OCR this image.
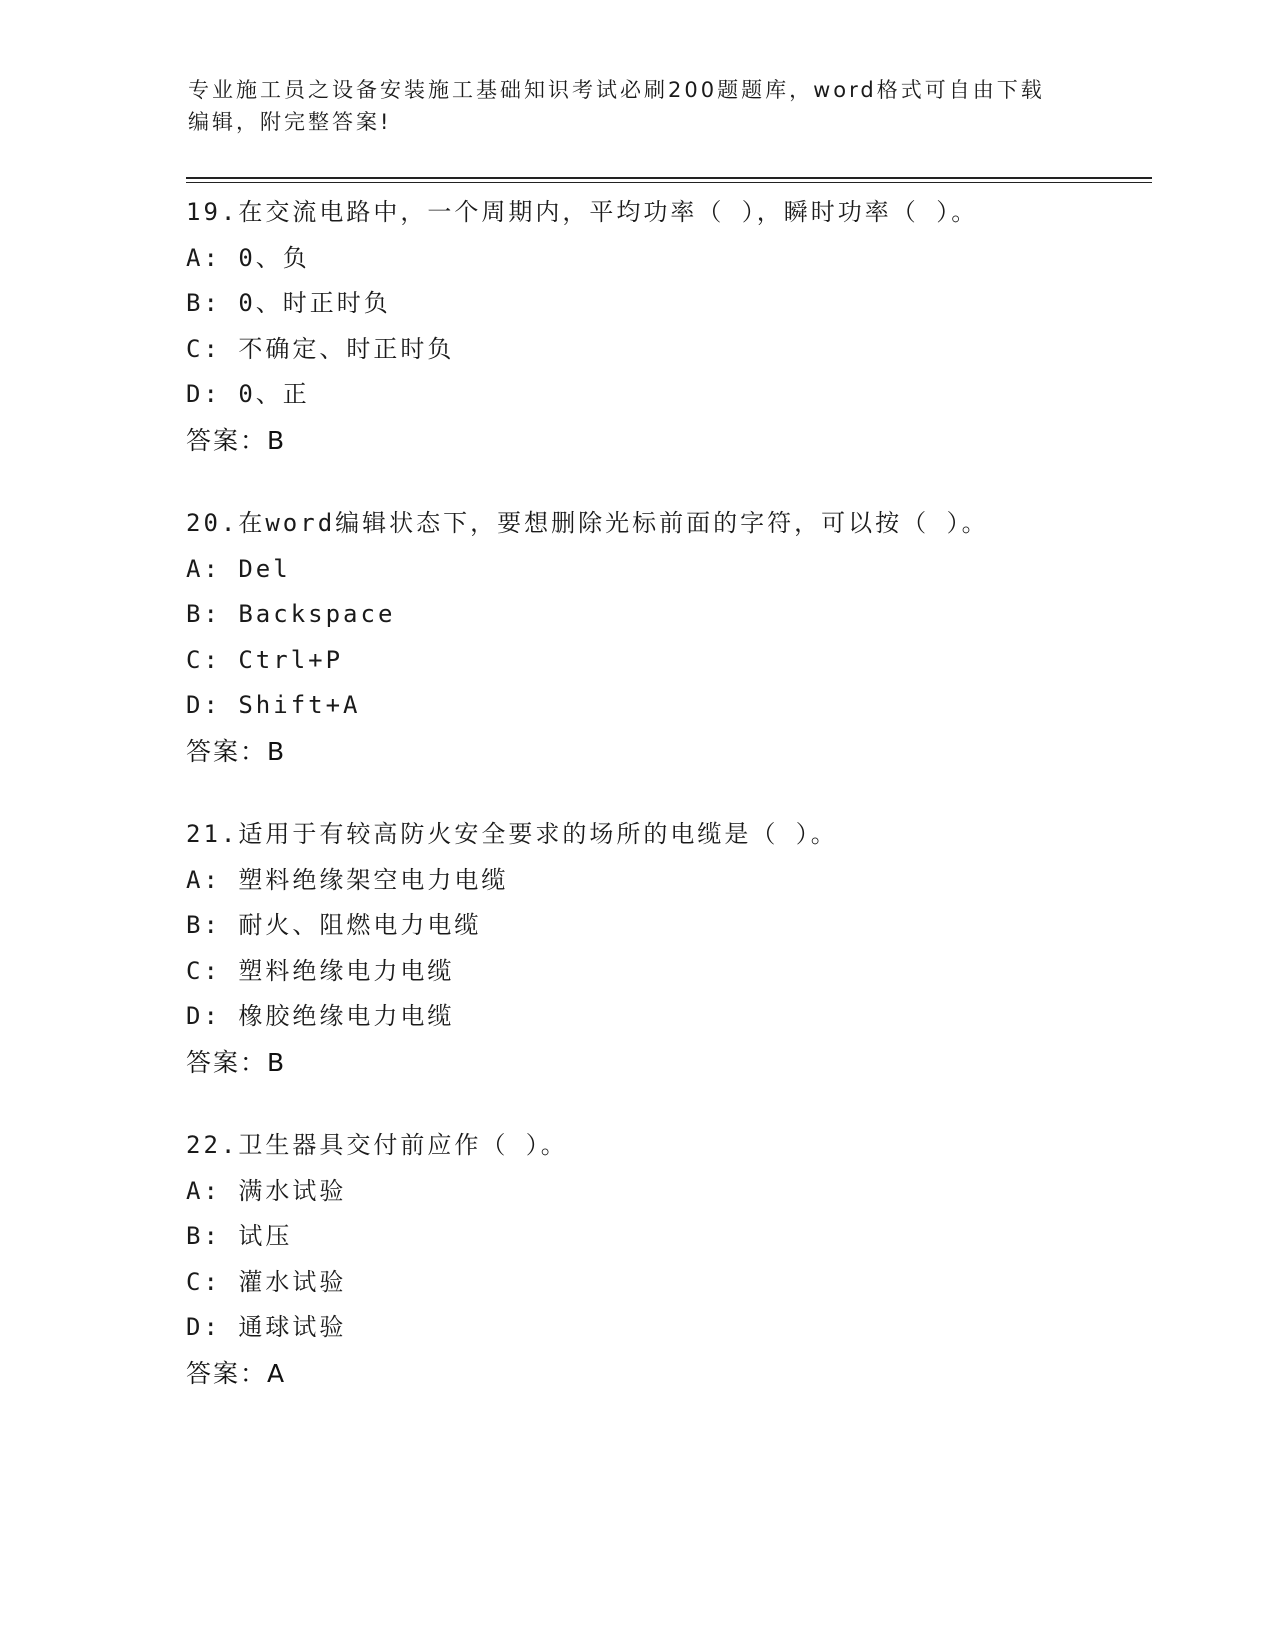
专业施工员之设备安装施工基础知识考试必刷200题题库，word格式可自由下载
编辑，附完整答案!
19.在交流电路中，一个周期内，平均功率（ ），瞬时功率（ ）。
A: 0、负
B: 0、时正时负
C: 不确定、时正时负
D: 0、正
答案：B
20.在word编辑状态下，要想删除光标前面的字符，可以按（ ）。
A: Del
B: Backspace
C: Ctrl+P
D: Shift+A
答案：B
21.适用于有较高防火安全要求的场所的电缆是（ ）。
A: 塑料绝缘架空电力电缆
B: 耐火、阻燃电力电缆
C: 塑料绝缘电力电缆
D: 橡胶绝缘电力电缆
答案：B
22.卫生器具交付前应作（ ）。
A: 满水试验
B: 试压
C: 灌水试验
D: 通球试验
答案：A
